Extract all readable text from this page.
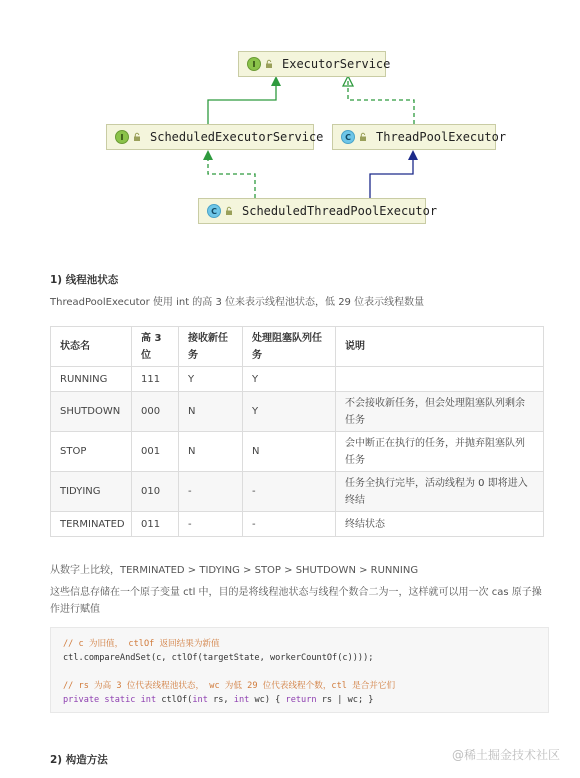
I	ExecutorService
I	ScheduledExecutorService	C	ThreadPoolExecutor
C	ScheduledThreadPoolExecutor
1) 线程池状态
ThreadPoolExecutor 使用 int 的高 3 位来表示线程池状态，低 29 位表示线程数量
状态名	高 3 位	接收新任务	处理阻塞队列任务	说明
RUNNING	111	Y	Y	
SHUTDOWN	000	N	Y	不会接收新任务，但会处理阻塞队列剩余任务
STOP	001	N	N	会中断正在执行的任务，并抛弃阻塞队列任务
TIDYING	010	-	-	任务全执行完毕，活动线程为 0 即将进入终结
TERMINATED	011	-	-	终结状态
从数字上比较，TERMINATED > TIDYING > STOP > SHUTDOWN > RUNNING
这些信息存储在一个原子变量 ctl 中，目的是将线程池状态与线程个数合二为一，这样就可以用一次 cas 原子操作进行赋值
// c 为旧值， ctlOf 返回结果为新值
ctl.compareAndSet(c, ctlOf(targetState, workerCountOf(c))));
// rs 为高 3 位代表线程池状态， wc 为低 29 位代表线程个数，ctl 是合并它们
private static int ctlOf(int rs, int wc) { return rs | wc; }
2) 构造方法	@稀土掘金技术社区
